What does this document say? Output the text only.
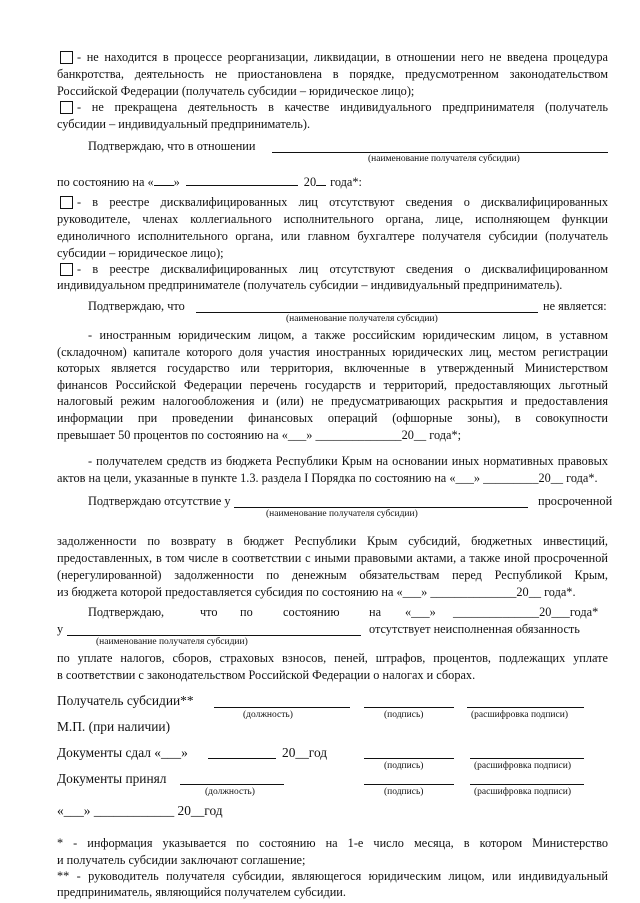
- не находится в процессе реорганизации, ликвидации, в отношении него не введена процедура
банкротства, деятельность не приостановлена в порядке, предусмотренном законодательством
Российской Федерации (получатель субсидии – юридическое лицо);
- не прекращена деятельность в качестве индивидуального предпринимателя (получатель
субсидии – индивидуальный предприниматель).
Подтверждаю, что в отношении
(наименование получателя субсидии)
по состоянию на « »	20 года*:
- в реестре дисквалифицированных лиц отсутствуют сведения о дисквалифицированных
руководителе, членах коллегиального исполнительного органа, лице, исполняющем функции
единоличного исполнительного органа, или главном бухгалтере получателя субсидии (получатель
субсидии – юридическое лицо);
- в реестре дисквалифицированных лиц отсутствуют сведения о дисквалифицированном
индивидуальном предпринимателе (получатель субсидии – индивидуальный предприниматель).
Подтверждаю, что	не является:
(наименование получателя субсидии)
- иностранным юридическим лицом, а также российским юридическим лицом, в уставном
(складочном) капитале которого доля участия иностранных юридических лиц, местом регистрации
которых является государство или территория, включенные в утвержденный Министерством
финансов Российской Федерации перечень государств и территорий, предоставляющих льготный
налоговый режим налогообложения и (или) не предусматривающих раскрытия и предоставления
информации при проведении финансовых операций (офшорные зоны), в совокупности
превышает 50 процентов по состоянию на «___» ______________20__ года*;
- получателем средств из бюджета Республики Крым на основании иных нормативных правовых
актов на цели, указанные в пункте 1.3. раздела I Порядка по состоянию на «___» _________20__ года*.
Подтверждаю отсутствие у	просроченной
(наименование получателя субсидии)
задолженности по возврату в бюджет Республики Крым субсидий, бюджетных инвестиций,
предоставленных, в том числе в соответствии с иными правовыми актами, а также иной просроченной
(нерегулированной) задолженности по денежным обязательствам перед Республикой Крым,
из бюджета которой предоставляется субсидия по состоянию на «___» ______________20__ года*.
Подтверждаю,	что по состоянию на «___» ______________20___года*
у	отсутствует неисполненная обязанность
(наименование получателя субсидии)
по уплате налогов, сборов, страховых взносов, пеней, штрафов, процентов, подлежащих уплате
в соответствии с законодательством Российской Федерации о налогах и сборах.
Получатель субсидии**
(должность)	(подпись)	(расшифровка подписи)
М.П. (при наличии)
Документы сдал «___»	20__год
(подпись)	(расшифровка подписи)
Документы принял
(должность)	(подпись)	(расшифровка подписи)
«___» ____________ 20__год
* - информация указывается по состоянию на 1-е число месяца, в котором Министерство
и получатель субсидии заключают соглашение;
** - руководитель получателя субсидии, являющегося юридическим лицом, или индивидуальный
предприниматель, являющийся получателем субсидии.
